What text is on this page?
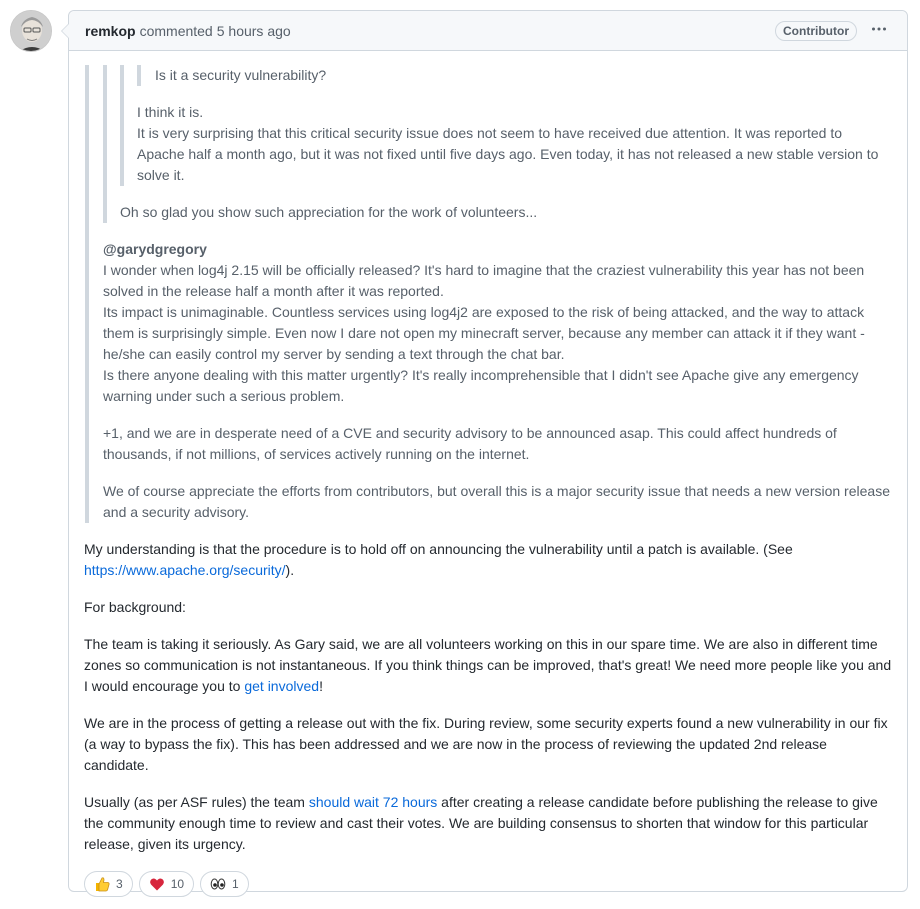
remkop commented 5 hours ago	Contributor

Is it a security vulnerability?

I think it is.
It is very surprising that this critical security issue does not seem to have received due attention. It was reported to Apache half a month ago, but it was not fixed until five days ago. Even today, it has not released a new stable version to solve it.

Oh so glad you show such appreciation for the work of volunteers...

@garydgregory
I wonder when log4j 2.15 will be officially released? It's hard to imagine that the craziest vulnerability this year has not been solved in the release half a month after it was reported.
Its impact is unimaginable. Countless services using log4j2 are exposed to the risk of being attacked, and the way to attack them is surprisingly simple. Even now I dare not open my minecraft server, because any member can attack it if they want - he/she can easily control my server by sending a text through the chat bar.
Is there anyone dealing with this matter urgently? It's really incomprehensible that I didn't see Apache give any emergency warning under such a serious problem.

+1, and we are in desperate need of a CVE and security advisory to be announced asap. This could affect hundreds of thousands, if not millions, of services actively running on the internet.

We of course appreciate the efforts from contributors, but overall this is a major security issue that needs a new version release and a security advisory.

My understanding is that the procedure is to hold off on announcing the vulnerability until a patch is available. (See https://www.apache.org/security/).

For background:

The team is taking it seriously. As Gary said, we are all volunteers working on this in our spare time. We are also in different time zones so communication is not instantaneous. If you think things can be improved, that's great! We need more people like you and I would encourage you to get involved!

We are in the process of getting a release out with the fix. During review, some security experts found a new vulnerability in our fix (a way to bypass the fix). This has been addressed and we are now in the process of reviewing the updated 2nd release candidate.

Usually (as per ASF rules) the team should wait 72 hours after creating a release candidate before publishing the release to give the community enough time to review and cast their votes. We are building consensus to shorten that window for this particular release, given its urgency.

3	10	1
